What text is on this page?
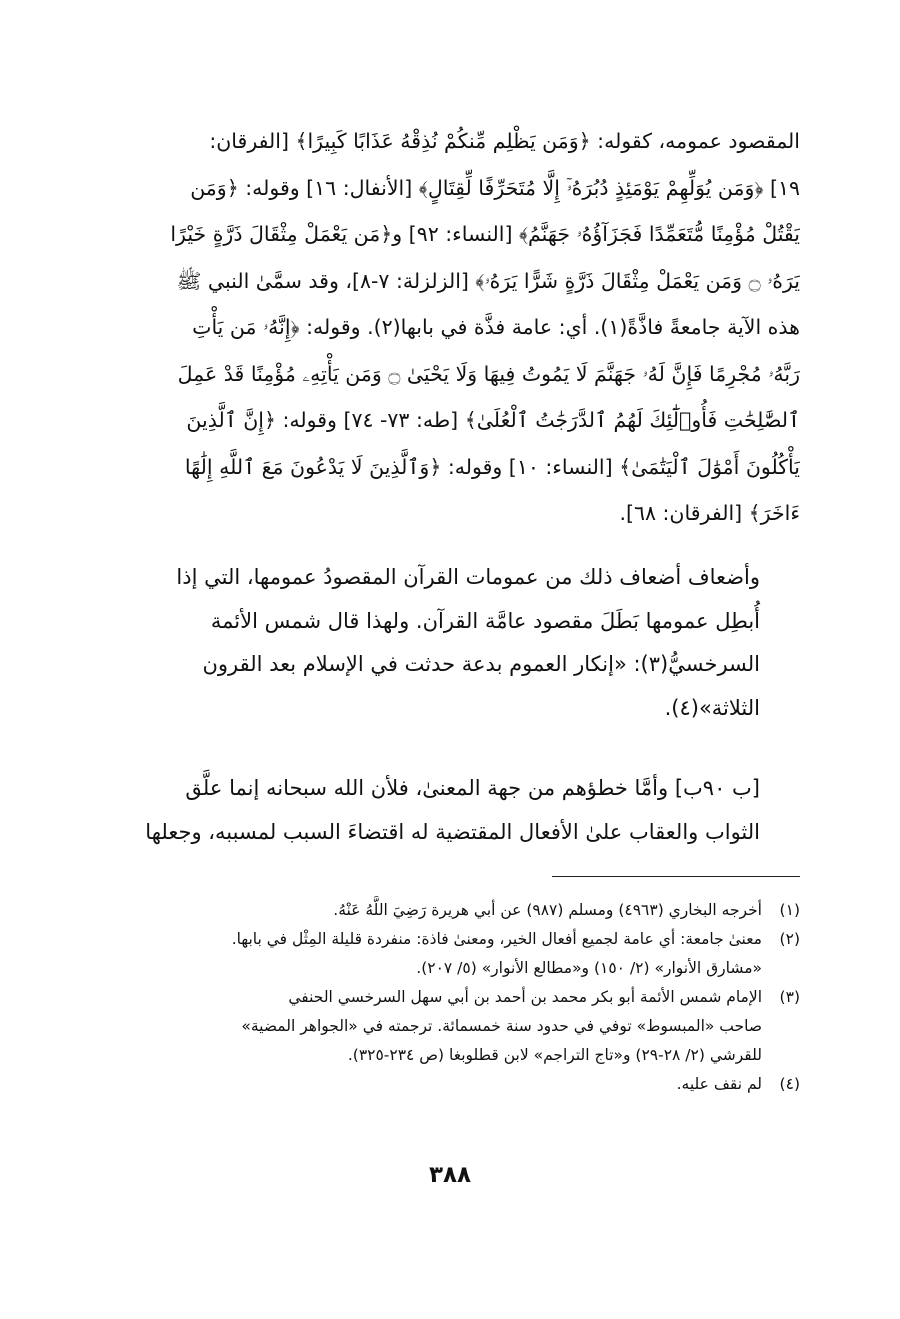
المقصود عمومه، كقوله: ﴿وَمَن يَظْلِم مِّنكُمْ نُذِقْهُ عَذَابًا كَبِيرًا﴾ [الفرقان:
١٩] ﴿وَمَن يُوَلِّهِمْ يَوْمَئِذٍ دُبُرَهُۥٓ إِلَّا مُتَحَرِّفًا لِّقِتَالٍ﴾ [الأنفال: ١٦] وقوله: ﴿وَمَن
يَقْتُلْ مُؤْمِنًا مُّتَعَمِّدًا فَجَزَآؤُهُۥ جَهَنَّمُ﴾ [النساء: ٩٢] و﴿مَن يَعْمَلْ مِثْقَالَ ذَرَّةٍ خَيْرًا
يَرَهُۥ ۝ وَمَن يَعْمَلْ مِثْقَالَ ذَرَّةٍ شَرًّا يَرَهُۥ﴾ [الزلزلة: ٧-٨]، وقد سمَّىٰ النبي ﷺ
هذه الآية جامعةً فاذَّةً(١). أي: عامة فذَّة في بابها(٢). وقوله: ﴿إِنَّهُۥ مَن يَأْتِ
رَبَّهُۥ مُجْرِمًا فَإِنَّ لَهُۥ جَهَنَّمَ لَا يَمُوتُ فِيهَا وَلَا يَحْيَىٰ ۝ وَمَن يَأْتِهِۦ مُؤْمِنًا قَدْ عَمِلَ
ٱلصَّٰلِحَٰتِ فَأُو۟لَٰٓئِكَ لَهُمُ ٱلدَّرَجَٰتُ ٱلْعُلَىٰ﴾ [طه: ٧٣- ٧٤] وقوله: ﴿إِنَّ ٱلَّذِينَ
يَأْكُلُونَ أَمْوَٰلَ ٱلْيَتَٰمَىٰ﴾ [النساء: ١٠] وقوله: ﴿وَٱلَّذِينَ لَا يَدْعُونَ مَعَ ٱللَّهِ إِلَٰهًا
ءَاخَرَ﴾ [الفرقان: ٦٨].
وأضعاف أضعاف ذلك من عمومات القرآن المقصودُ عمومها، التي إذا
أُبطِل عمومها بَطَلَ مقصود عامَّة القرآن. ولهذا قال شمس الأئمة
السرخسيُّ(٣): «إنكار العموم بدعة حدثت في الإسلام بعد القرون
الثلاثة»(٤).
[ب ٩٠ب] وأمَّا خطؤهم من جهة المعنىٰ، فلأن الله سبحانه إنما علَّق
الثواب والعقاب علىٰ الأفعال المقتضية له اقتضاءَ السبب لمسببه، وجعلها
(١)
أخرجه البخاري (٤٩٦٣) ومسلم (٩٨٧) عن أبي هريرة رَضِيَ اللَّهُ عَنْهُ.
(٢)
معنىٰ جامعة: أي عامة لجميع أفعال الخير، ومعنىٰ فاذة: منفردة قليلة المِثْل في بابها.
«مشارق الأنوار» (٢/ ١٥٠) و«مطالع الأنوار» (٥/ ٢٠٧).
(٣)
الإمام شمس الأئمة أبو بكر محمد بن أحمد بن أبي سهل السرخسي الحنفي
صاحب «المبسوط» توفي في حدود سنة خمسمائة. ترجمته في «الجواهر المضية»
للقرشي (٢/ ٢٨-٢٩) و«تاج التراجم» لابن قطلوبغا (ص ٢٣٤-٣٢٥).
(٤)
لم نقف عليه.
٣٨٨
